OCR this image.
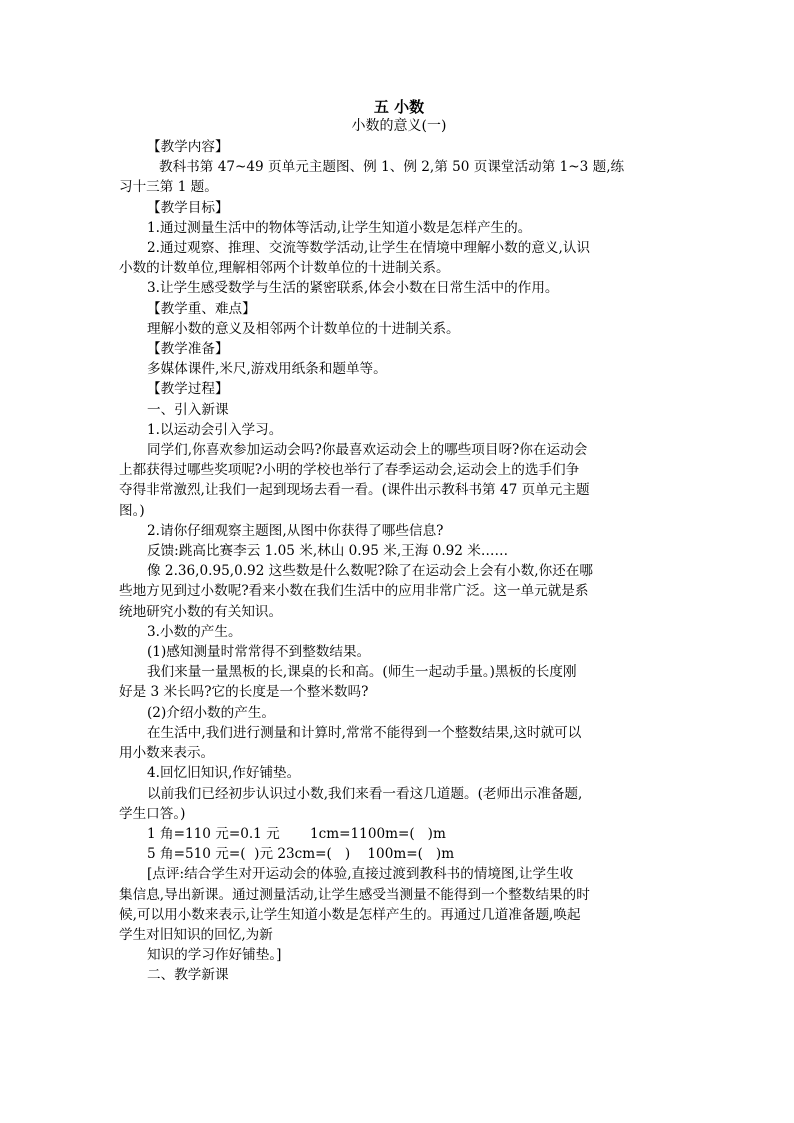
五 小数
小数的意义(一)

【教学内容】

教科书第 47~49 页单元主题图、例 1、例 2,第 50 页课堂活动第 1~3 题,练

习十三第 1 题。

【教学目标】

1.通过测量生活中的物体等活动,让学生知道小数是怎样产生的。

2.通过观察、推理、交流等数学活动,让学生在情境中理解小数的意义,认识

小数的计数单位,理解相邻两个计数单位的十进制关系。

3.让学生感受数学与生活的紧密联系,体会小数在日常生活中的作用。

【教学重、难点】

理解小数的意义及相邻两个计数单位的十进制关系。

【教学准备】

多媒体课件,米尺,游戏用纸条和题单等。

【教学过程】

一、引入新课

1.以运动会引入学习。

同学们,你喜欢参加运动会吗?你最喜欢运动会上的哪些项目呀?你在运动会

上都获得过哪些奖项呢?小明的学校也举行了春季运动会,运动会上的选手们争

夺得非常激烈,让我们一起到现场去看一看。(课件出示教科书第 47 页单元主题

图。)

2.请你仔细观察主题图,从图中你获得了哪些信息?

反馈:跳高比赛李云 1.05 米,林山 0.95 米,王海 0.92 米……

像 2.36,0.95,0.92 这些数是什么数呢?除了在运动会上会有小数,你还在哪

些地方见到过小数呢?看来小数在我们生活中的应用非常广泛。这一单元就是系

统地研究小数的有关知识。

3.小数的产生。

(1)感知测量时常常得不到整数结果。

我们来量一量黑板的长,课桌的长和高。(师生一起动手量。)黑板的长度刚

好是 3 米长吗?它的长度是一个整米数吗?

(2)介绍小数的产生。

在生活中,我们进行测量和计算时,常常不能得到一个整数结果,这时就可以

用小数来表示。

4.回忆旧知识,作好铺垫。

以前我们已经初步认识过小数,我们来看一看这几道题。(老师出示准备题,

学生口答。)

1 角=110 元=0.1 元       1cm=1100m=(   )m

5 角=510 元=(  )元 23cm=(   )    100m=(   )m

[点评:结合学生对开运动会的体验,直接过渡到教科书的情境图,让学生收

集信息,导出新课。通过测量活动,让学生感受当测量不能得到一个整数结果的时

候,可以用小数来表示,让学生知道小数是怎样产生的。再通过几道准备题,唤起

学生对旧知识的回忆,为新

知识的学习作好铺垫。]

二、教学新课
